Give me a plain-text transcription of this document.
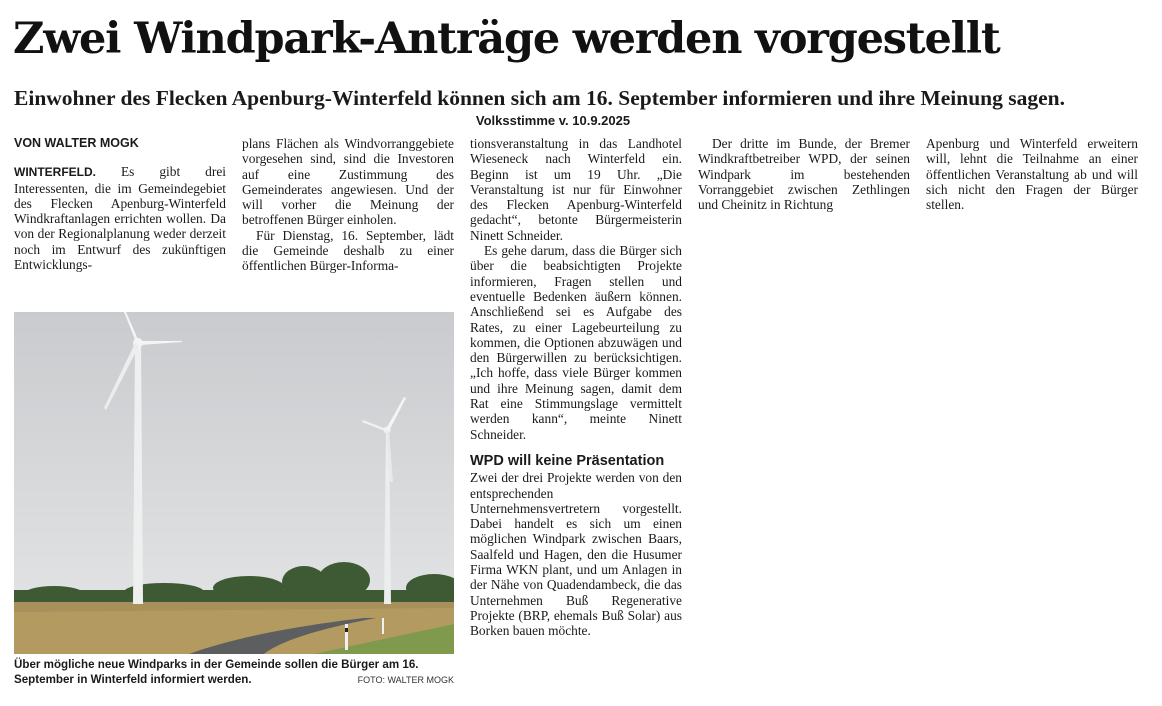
Zwei Windpark-Anträge werden vorgestellt
Einwohner des Flecken Apenburg-Winterfeld können sich am 16. September informieren und ihre Meinung sagen.
Volksstimme v. 10.9.2025

VON WALTER MOGK

WINTERFELD. Es gibt drei Interessenten, die im Gemeindegebiet des Flecken Apenburg-Winterfeld Windkraftanlagen errichten wollen. Da von der Regionalplanung weder derzeit noch im Entwurf des zukünftigen Entwicklungs-

plans Flächen als Windvorranggebiete vorgesehen sind, sind die Investoren auf eine Zustimmung des Gemeinderates angewiesen. Und der will vorher die Meinung der betroffenen Bürger einholen.

Für Dienstag, 16. September, lädt die Gemeinde deshalb zu einer öffentlichen Bürger-Informa-

Über mögliche neue Windparks in der Gemeinde sollen die Bürger am 16. September in Winterfeld informiert werden.	FOTO: WALTER MOGK

tionsveranstaltung in das Landhotel Wieseneck nach Winterfeld ein. Beginn ist um 19 Uhr. „Die Veranstaltung ist nur für Einwohner des Flecken Apenburg-Winterfeld gedacht“, betonte Bürgermeisterin Ninett Schneider.

Es gehe darum, dass die Bürger sich über die beabsichtigten Projekte informieren, Fragen stellen und eventuelle Bedenken äußern können. Anschließend sei es Aufgabe des Rates, zu einer Lagebeurteilung zu kommen, die Optionen abzuwägen und den Bürgerwillen zu berücksichtigen. „Ich hoffe, dass viele Bürger kommen und ihre Meinung sagen, damit dem Rat eine Stimmungslage vermittelt werden kann“, meinte Ninett Schneider.

WPD will keine Präsentation

Zwei der drei Projekte werden von den entsprechenden Unternehmensvertretern vorgestellt. Dabei handelt es sich um einen möglichen Windpark zwischen Baars, Saalfeld und Hagen, den die Husumer Firma WKN plant, und um Anlagen in der Nähe von Quadendambeck, die das Unternehmen Buß Regenerative Projekte (BRP, ehemals Buß Solar) aus Borken bauen möchte.

Der dritte im Bunde, der Bremer Windkraftbetreiber WPD, der seinen Windpark im bestehenden Vorranggebiet zwischen Zethlingen und Cheinitz in Richtung

Apenburg und Winterfeld erweitern will, lehnt die Teilnahme an einer öffentlichen Veranstaltung ab und will sich nicht den Fragen der Bürger stellen.
